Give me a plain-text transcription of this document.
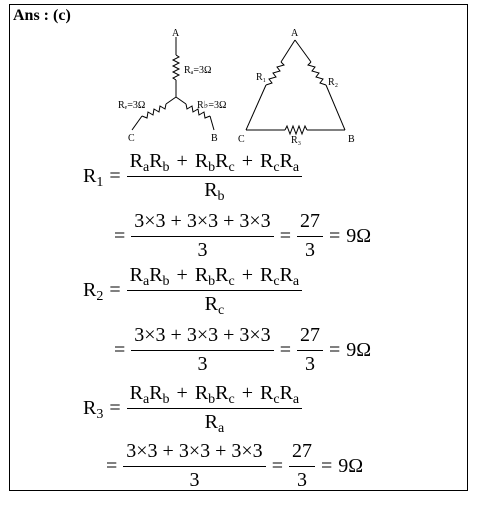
Ans : (c)
A
C	B
Rₐ=3Ω
Rₑ=3Ω	R♭=3Ω
A
C	B
R₁	R₂
R₃
$R_1 = \frac{R_aR_b + R_bR_c + R_cR_a}{R_b}$
= $\frac{3\times 3 + 3\times 3 + 3\times 3}{3} = \frac{27}{3} = 9\Omega$
$R_2 = \frac{R_aR_b + R_bR_c + R_cR_a}{R_c}$
= $\frac{3\times 3 + 3\times 3 + 3\times 3}{3} = \frac{27}{3} = 9\Omega$
$R_3 = \frac{R_aR_b + R_bR_c + R_cR_a}{R_a}$
= $\frac{3\times 3 + 3\times 3 + 3\times 3}{3} = \frac{27}{3} = 9\Omega$
